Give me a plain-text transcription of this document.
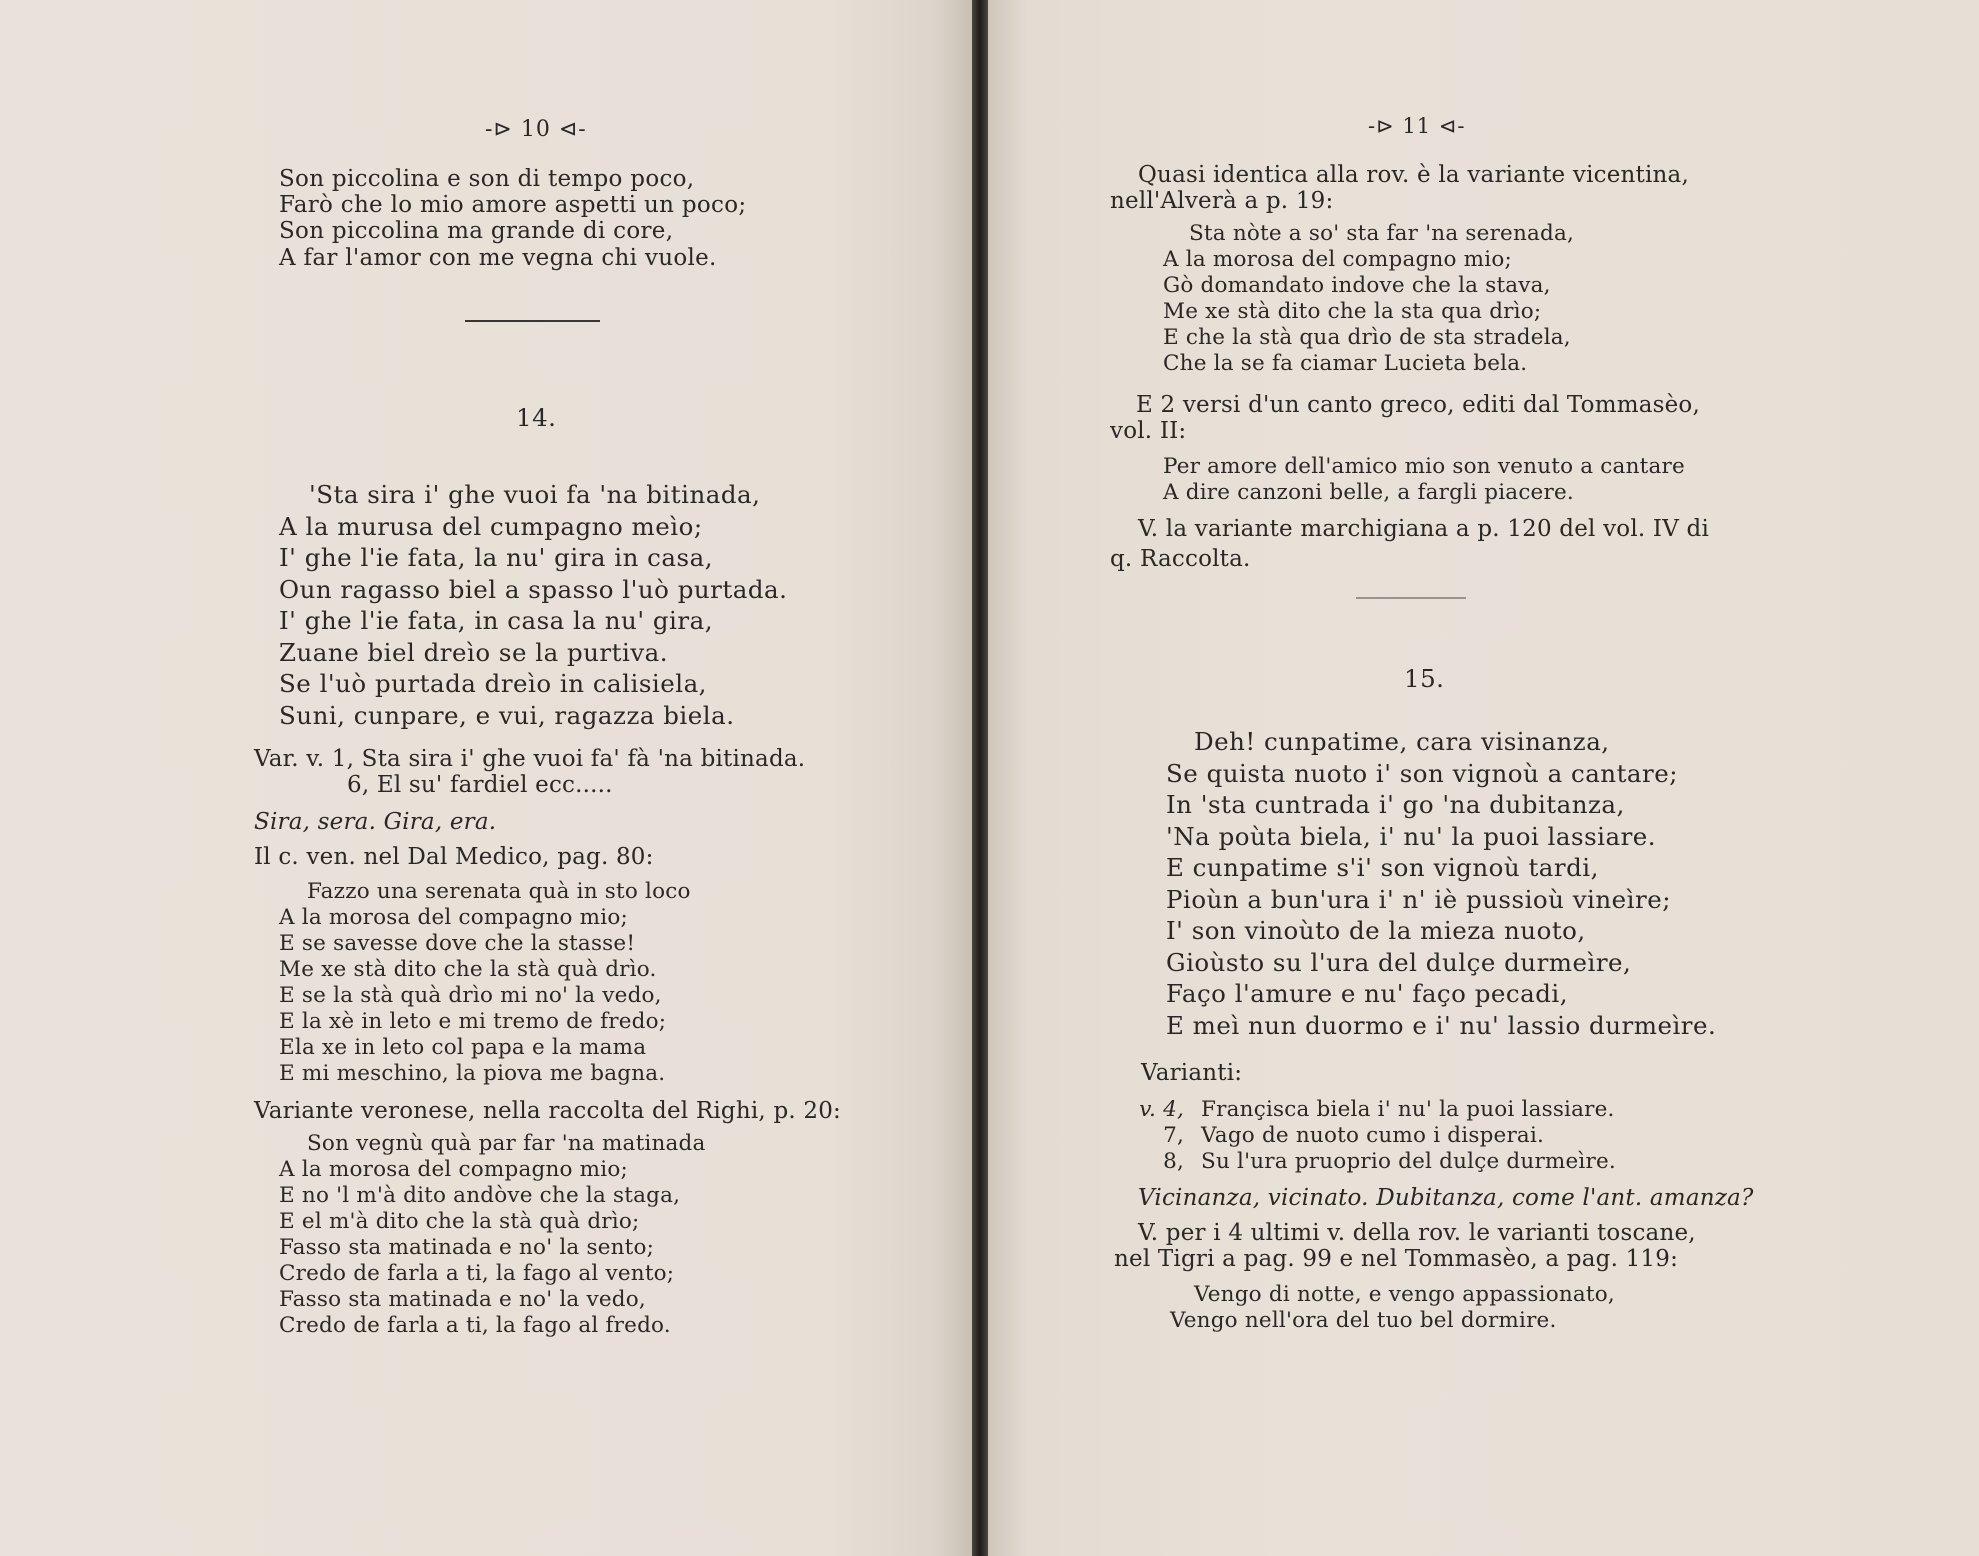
-⊳ 10 ⊲-
Son piccolina e son di tempo poco,
Farò che lo mio amore aspetti un poco;
Son piccolina ma grande di core,
A far l'amor con me vegna chi vuole.
14.
'Sta sira i' ghe vuoi fa 'na bitinada,
A la murusa del cumpagno meìo;
I' ghe l'ie fata, la nu' gira in casa,
Oun ragasso biel a spasso l'uò purtada.
I' ghe l'ie fata, in casa la nu' gira,
Zuane biel dreìo se la purtiva.
Se l'uò purtada dreìo in calisiela,
Suni, cunpare, e vui, ragazza biela.
Var. v. 1, Sta sira i' ghe vuoi fa' fà 'na bitinada.
6, El su' fardiel ecc.....
Sira, sera. Gira, era.
Il c. ven. nel Dal Medico, pag. 80:
Fazzo una serenata quà in sto loco
A la morosa del compagno mio;
E se savesse dove che la stasse!
Me xe stà dito che la stà quà drìo.
E se la stà quà drìo mi no' la vedo,
E la xè in leto e mi tremo de fredo;
Ela xe in leto col papa e la mama
E mi meschino, la piova me bagna.
Variante veronese, nella raccolta del Righi, p. 20:
Son vegnù quà par far 'na matinada
A la morosa del compagno mio;
E no 'l m'à dito andòve che la staga,
E el m'à dito che la stà quà drìo;
Fasso sta matinada e no' la sento;
Credo de farla a ti, la fago al vento;
Fasso sta matinada e no' la vedo,
Credo de farla a ti, la fago al fredo.
-⊳ 11 ⊲-
Quasi identica alla rov. è la variante vicentina,
nell'Alverà a p. 19:
Sta nòte a so' sta far 'na serenada,
A la morosa del compagno mio;
Gò domandato indove che la stava,
Me xe stà dito che la sta qua drìo;
E che la stà qua drìo de sta stradela,
Che la se fa ciamar Lucieta bela.
E 2 versi d'un canto greco, editi dal Tommasèo,
vol. II:
Per amore dell'amico mio son venuto a cantare
A dire canzoni belle, a fargli piacere.
V. la variante marchigiana a p. 120 del vol. IV di
q. Raccolta.
15.
Deh! cunpatime, cara visinanza,
Se quista nuoto i' son vignoù a cantare;
In 'sta cuntrada i' go 'na dubitanza,
'Na poùta biela, i' nu' la puoi lassiare.
E cunpatime s'i' son vignoù tardi,
Pioùn a bun'ura i' n' iè pussioù vineìre;
I' son vinoùto de la mieza nuoto,
Gioùsto su l'ura del dulçe durmeìre,
Façо l'amure e nu' façо pecadi,
E meì nun duormo e i' nu' lassio durmeìre.
Varianti:
v. 4, Françisca biela i' nu' la puoi lassiare.
7, Vago de nuoto cumo i disperai.
8, Su l'ura pruoprio del dulçe durmeìre.
Vicinanza, vicinato. Dubitanza, come l'ant. amanza?
V. per i 4 ultimi v. della rov. le varianti toscane,
nel Tigri a pag. 99 e nel Tommasèo, a pag. 119:
Vengo di notte, e vengo appassionato,
Vengo nell'ora del tuo bel dormire.
